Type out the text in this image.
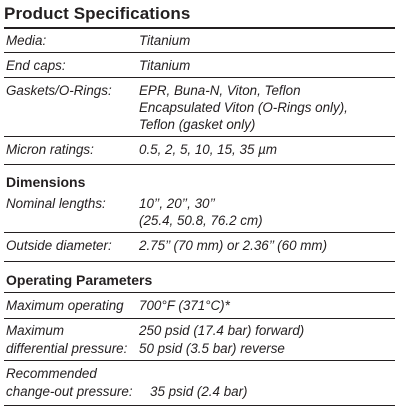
Product Specifications
Media:	Titanium
End caps:	Titanium
Gaskets/O-Rings: EPR, Buna-N, Viton, Teflon
Encapsulated Viton (O-Rings only),
Teflon (gasket only)
Micron ratings:	0.5, 2, 5, 10, 15, 35 µm
Dimensions
Nominal lengths: 10’’, 20’’, 30’’
(25.4, 50.8, 76.2 cm)
Outside diameter: 2.75’’ (70 mm) or 2.36’’ (60 mm)
Operating Parameters
Maximum operating 700°F (371°C)*
Maximum	250 psid (17.4 bar) forward)
differential pressure: 50 psid (3.5 bar) reverse
Recommended
change-out pressure: 35 psid (2.4 bar)
